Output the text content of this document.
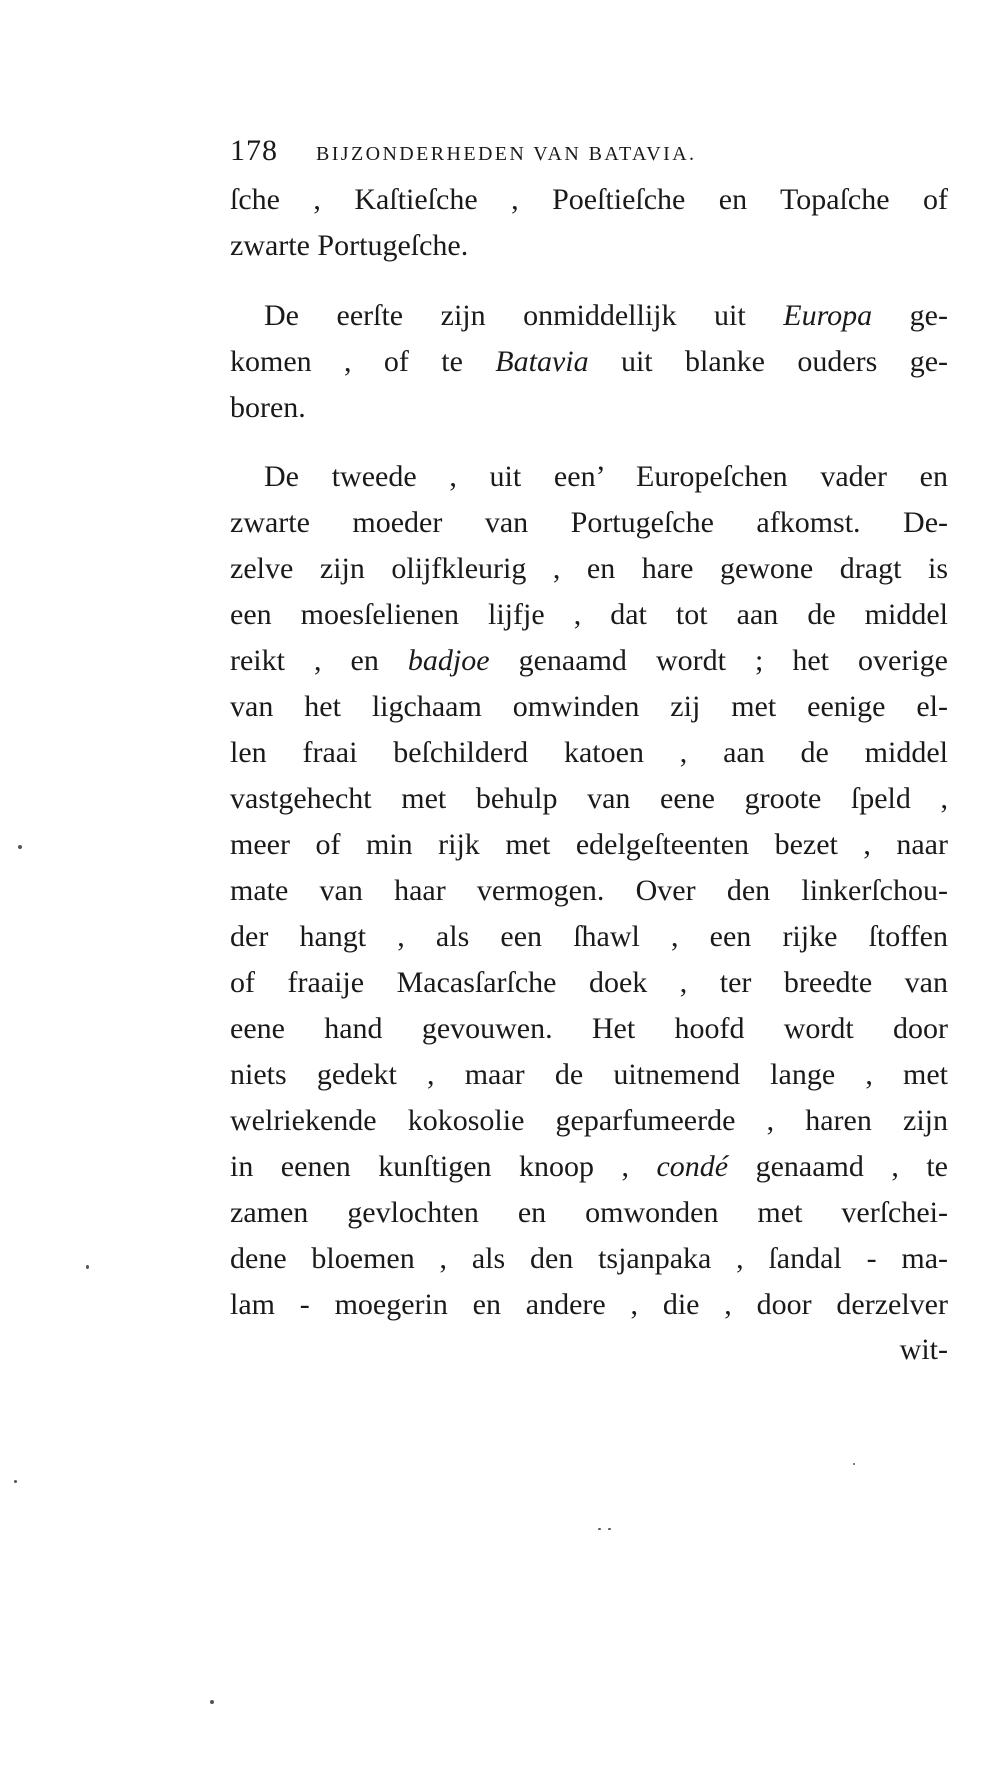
178 BIJZONDERHEDEN VAN BATAVIA.
ſche , Kaſtieſche , Poeſtieſche en Topaſche of
zwarte Portugeſche.
De eerſte zijn onmiddellijk uit Europa ge-
komen , of te Batavia uit blanke ouders ge-
boren.
De tweede , uit een’ Europeſchen vader en
zwarte moeder van Portugeſche afkomst. De-
zelve zijn olijfkleurig , en hare gewone dragt is
een moesſelienen lijfje , dat tot aan de middel
reikt , en badjoe genaamd wordt ; het overige
van het ligchaam omwinden zij met eenige el-
len fraai beſchilderd katoen , aan de middel
vastgehecht met behulp van eene groote ſpeld ,
meer of min rijk met edelgeſteenten bezet , naar
mate van haar vermogen. Over den linkerſchou-
der hangt , als een ſhawl , een rijke ſtoffen
of fraaije Macasſarſche doek , ter breedte van
eene hand gevouwen. Het hoofd wordt door
niets gedekt , maar de uitnemend lange , met
welriekende kokosolie geparfumeerde , haren zijn
in eenen kunſtigen knoop , condé genaamd , te
zamen gevlochten en omwonden met verſchei-
dene bloemen , als den tsjanpaka , ſandal - ma-
lam - moegerin en andere , die , door derzelver
wit-
